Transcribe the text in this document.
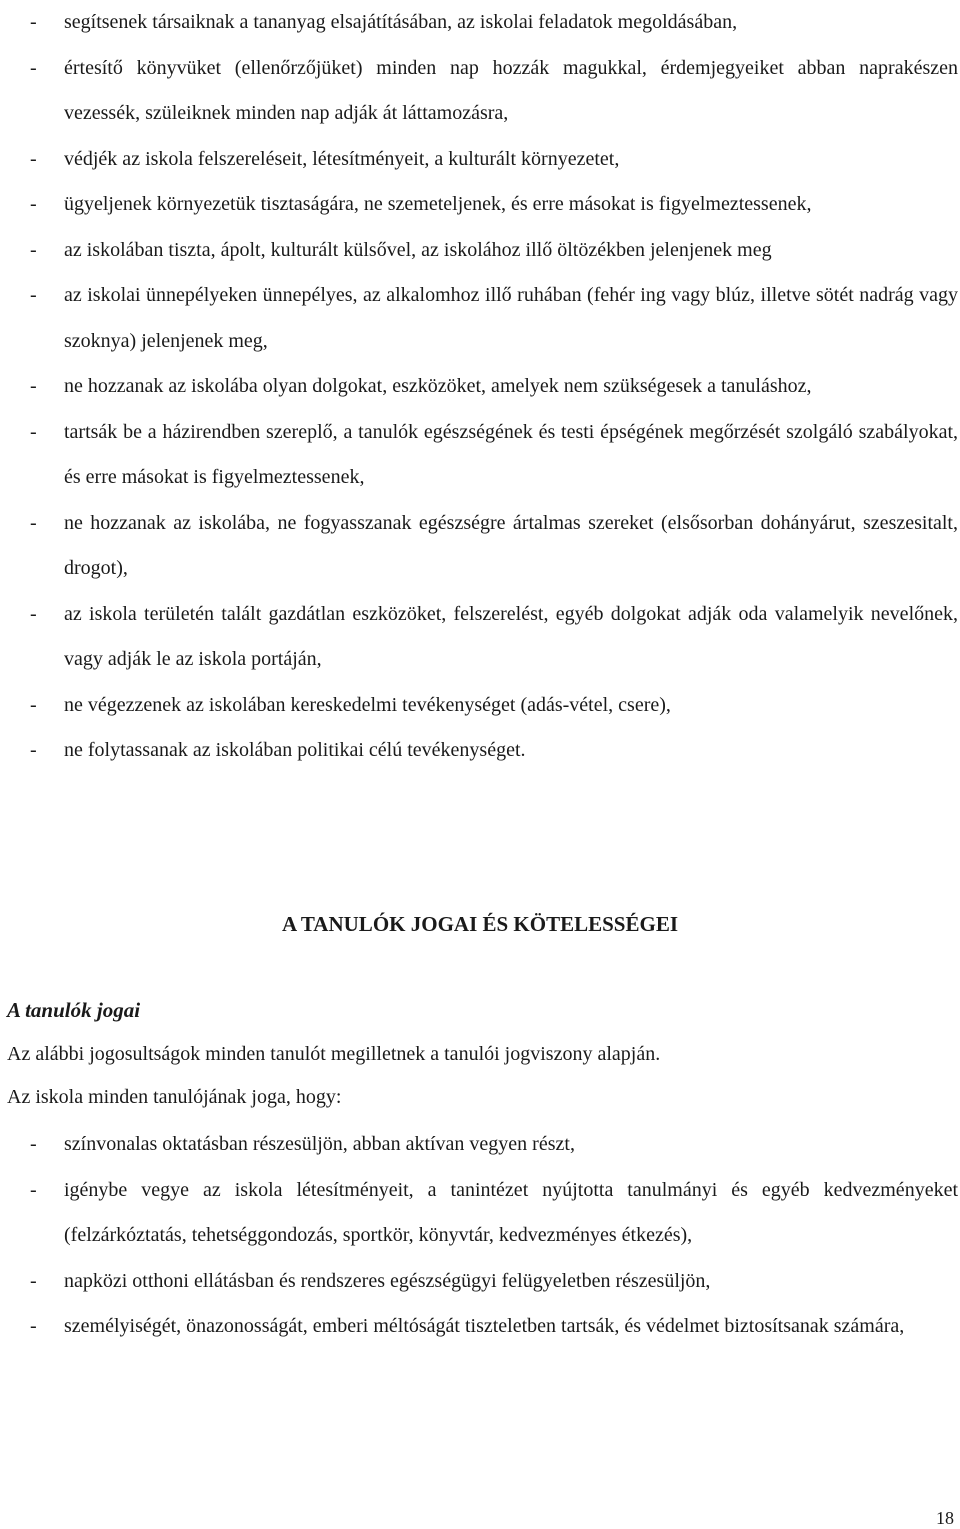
- segítsenek társaiknak a tananyag elsajátításában, az iskolai feladatok megoldásában,
- értesítő könyvüket (ellenőrzőjüket) minden nap hozzák magukkal, érdemjegyeiket abban naprakészen vezessék, szüleiknek minden nap adják át láttamozásra,
- védjék az iskola felszereléseit, létesítményeit, a kulturált környezetet,
- ügyeljenek környezetük tisztaságára, ne szemeteljenek, és erre másokat is figyelmeztessenek,
- az iskolában tiszta, ápolt, kulturált külsővel, az iskolához illő öltözékben jelenjenek meg
- az iskolai ünnepélyeken ünnepélyes, az alkalomhoz illő ruhában (fehér ing vagy blúz, illetve sötét nadrág vagy szoknya) jelenjenek meg,
- ne hozzanak az iskolába olyan dolgokat, eszközöket, amelyek nem szükségesek a tanuláshoz,
- tartsák be a házirendben szereplő, a tanulók egészségének és testi épségének megőrzését szolgáló szabályokat, és erre másokat is figyelmeztessenek,
- ne hozzanak az iskolába, ne fogyasszanak egészségre ártalmas szereket (elsősorban dohányárut, szeszesitalt, drogot),
- az iskola területén talált gazdátlan eszközöket, felszerelést, egyéb dolgokat adják oda valamelyik nevelőnek, vagy adják le az iskola portáján,
- ne végezzenek az iskolában kereskedelmi tevékenységet (adás-vétel, csere),
- ne folytassanak az iskolában politikai célú tevékenységet.
A TANULÓK JOGAI ÉS KÖTELESSÉGEI
A tanulók jogai

Az alábbi jogosultságok minden tanulót megilletnek a tanulói jogviszony alapján.

Az iskola minden tanulójának joga, hogy:

- színvonalas oktatásban részesüljön, abban aktívan vegyen részt,
- igénybe vegye az iskola létesítményeit, a tanintézet nyújtotta tanulmányi és egyéb kedvezményeket (felzárkóztatás, tehetséggondozás, sportkör, könyvtár, kedvezményes étkezés),
- napközi otthoni ellátásban és rendszeres egészségügyi felügyeletben részesüljön,
- személyiségét, önazonosságát, emberi méltóságát tiszteletben tartsák, és védelmet biztosítsanak számára,

18
